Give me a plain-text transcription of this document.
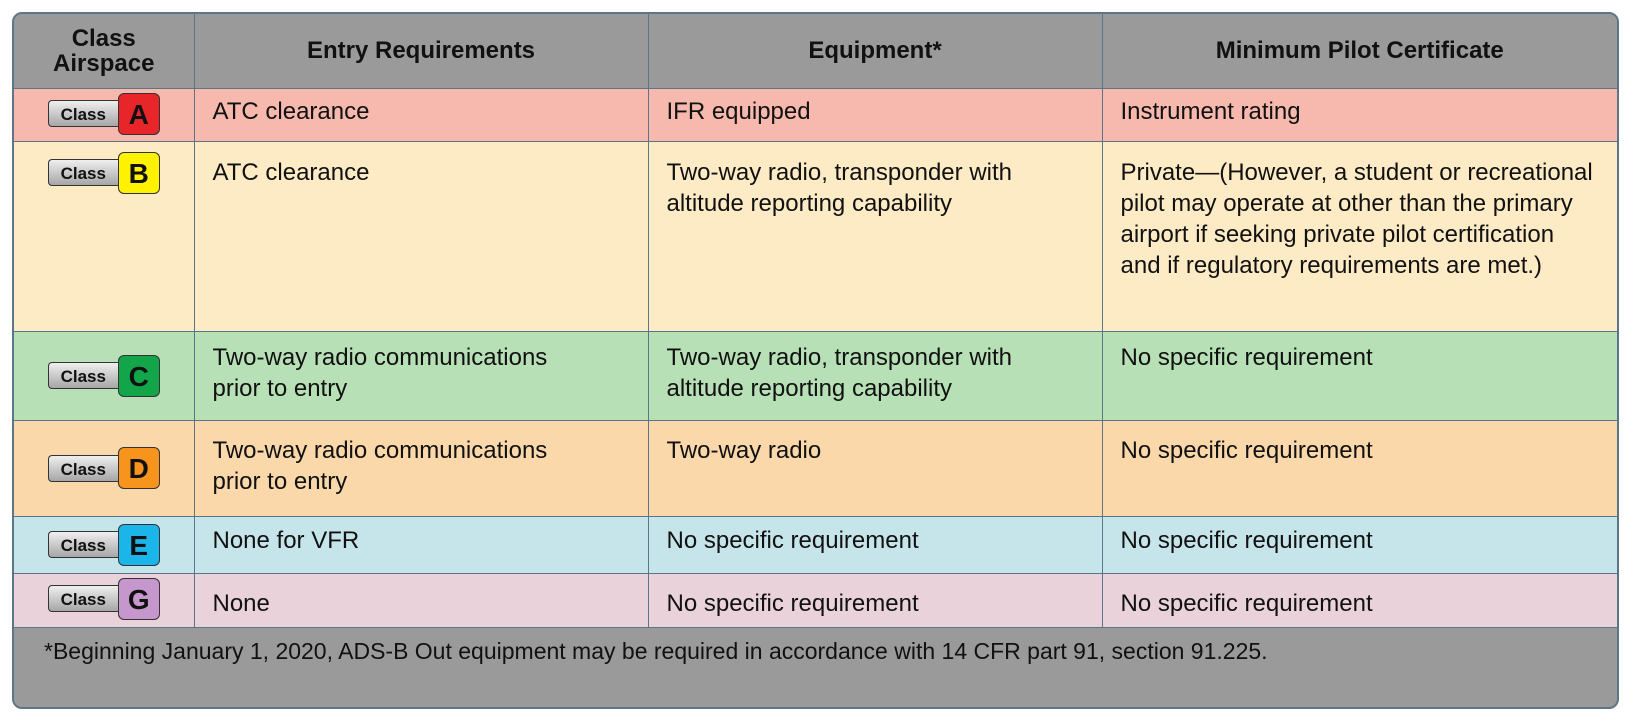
Class Airspace	Entry Requirements	Equipment*	Minimum Pilot Certificate

Class A	ATC clearance	IFR equipped	Instrument rating

Class B	ATC clearance	Two-way radio, transponder with altitude reporting capability	Private—(However, a student or recreational pilot may operate at other than the primary airport if seeking private pilot certification and if regulatory requirements are met.)

Class C	Two-way radio communications prior to entry	Two-way radio, transponder with altitude reporting capability	No specific requirement

Class D	Two-way radio communications prior to entry	Two-way radio	No specific requirement

Class E	None for VFR	No specific requirement	No specific requirement

Class G	None	No specific requirement	No specific requirement
*Beginning January 1, 2020, ADS-B Out equipment may be required in accordance with 14 CFR part 91, section 91.225.
